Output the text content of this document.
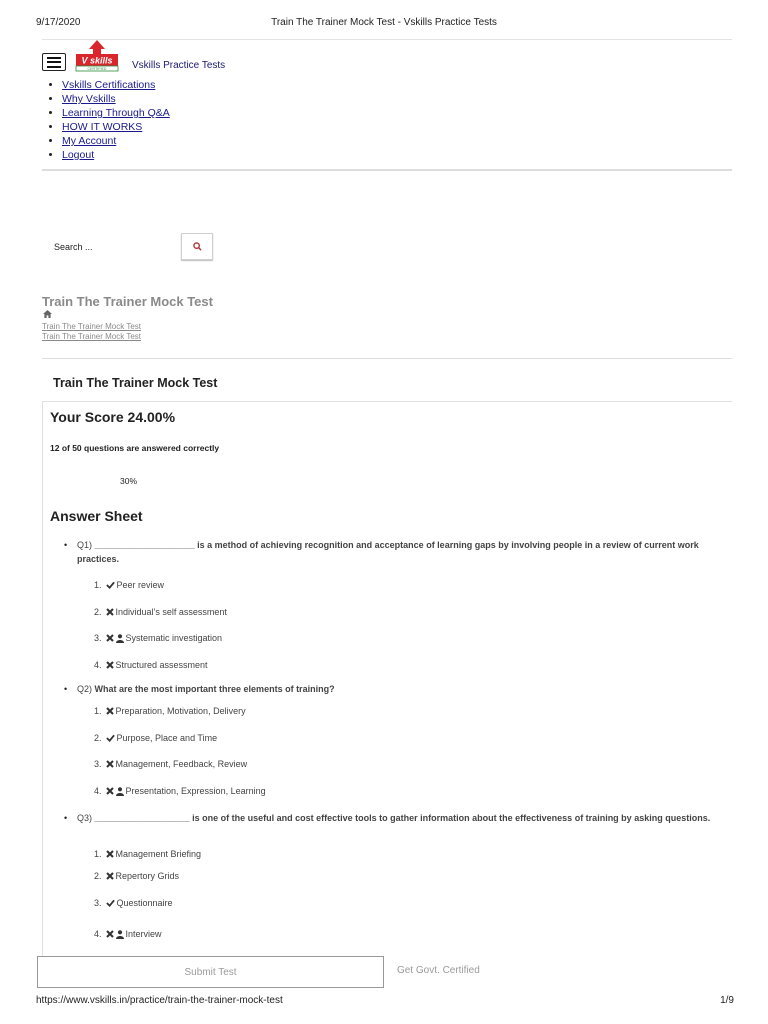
9/17/2020	Train The Trainer Mock Test - Vskills Practice Tests
V skills
CERTIFIED	Vskills Practice Tests
• Vskills Certifications
• Why Vskills
• Learning Through Q&A
• HOW IT WORKS
• My Account
• Logout
Search ...
Train The Trainer Mock Test
Train The Trainer Mock Test
Train The Trainer Mock Test
Train The Trainer Mock Test
Your Score 24.00%
12 of 50 questions are answered correctly
30%
Answer Sheet
• Q1) ____________________ is a method of achieving recognition and acceptance of learning gaps by involving people in a review of current work practices.
1. Peer review
2. Individual’s self assessment
3.	Systematic investigation
4. Structured assessment
• Q2) What are the most important three elements of training?
1. Preparation, Motivation, Delivery
2. Purpose, Place and Time
3. Management, Feedback, Review
4.	Presentation, Expression, Learning
• Q3) ___________________ is one of the useful and cost effective tools to gather information about the effectiveness of training by asking questions.
1. Management Briefing
2. Repertory Grids
3. Questionnaire
4.	Interview
Submit Test	Get Govt. Certified
https://www.vskills.in/practice/train-the-trainer-mock-test	1/9
